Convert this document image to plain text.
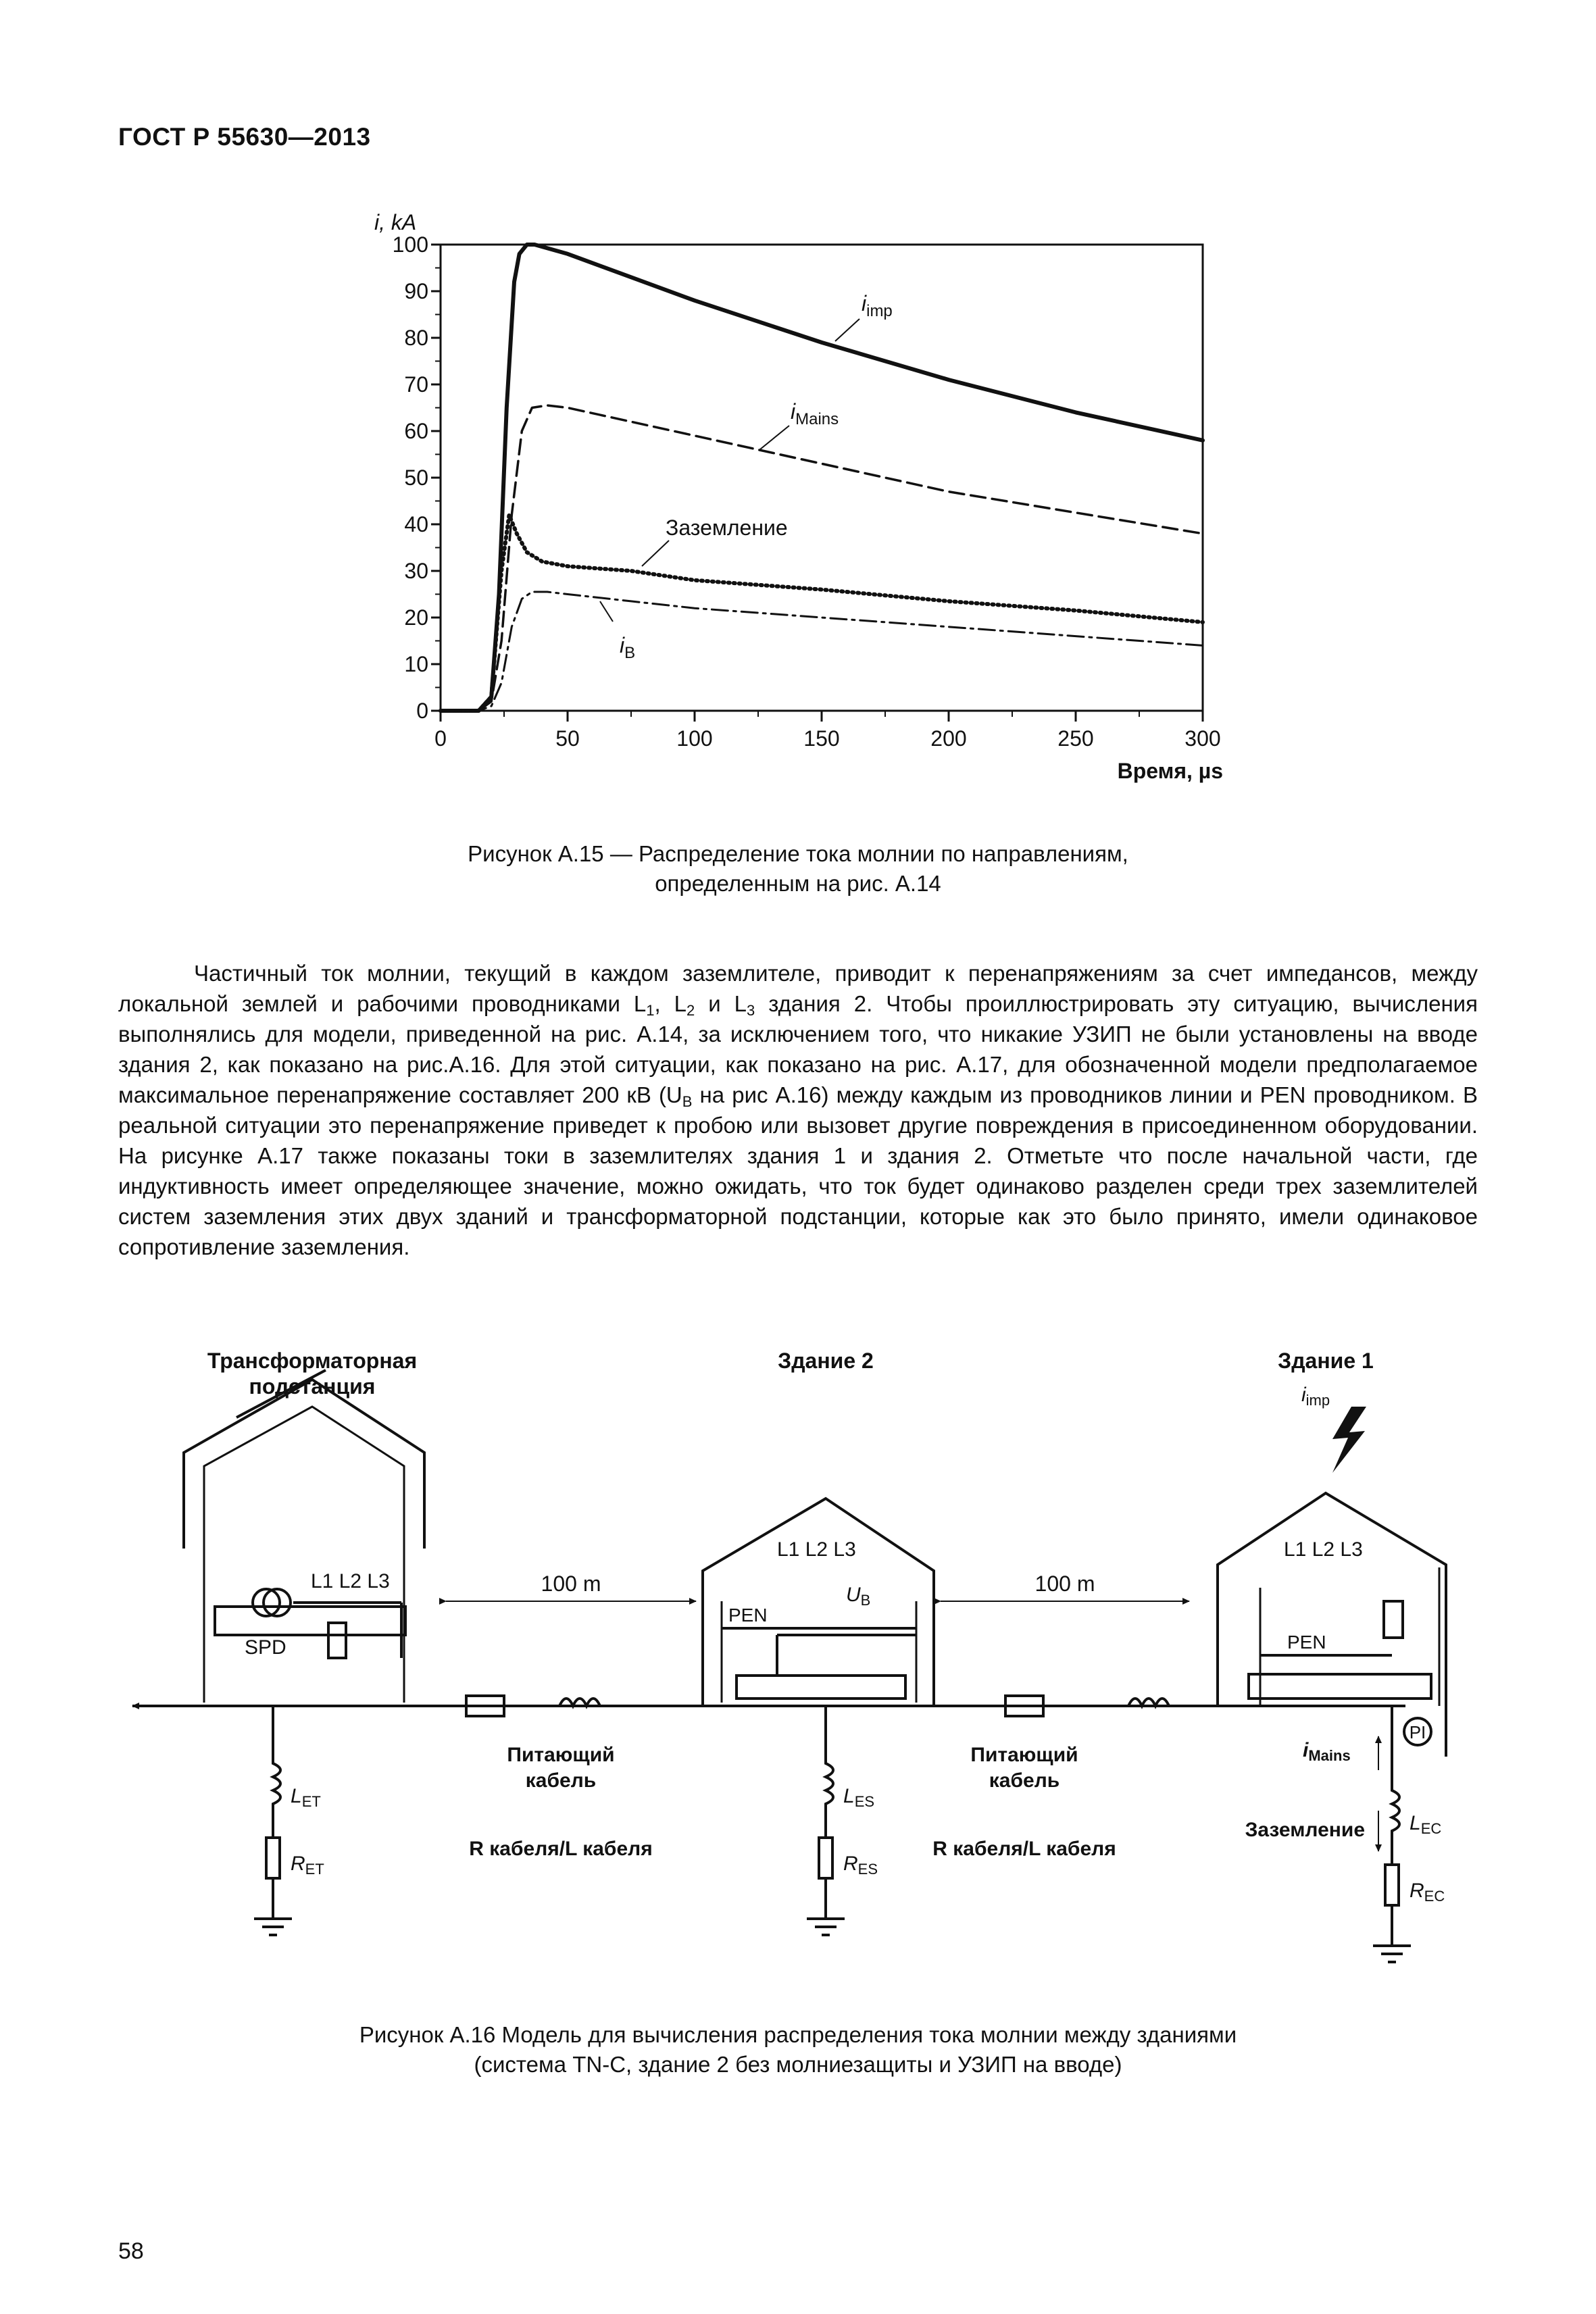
ГОСТ Р 55630—2013
0
10
20
30
40
50
60
70
80
90
100
0	50	100	150	200	250	300
i, kA
Время, µs
$i_{imp}$
$i_{Mains}$
Заземление
$i_B$
Рисунок А.15 — Распределение тока молнии по направлениям,
определенным на рис. А.14

Частичный ток молнии, текущий в каждом заземлителе, приводит к перенапряжениям за счет импедансов, между локальной землей и рабочими проводниками $L_1$, $L_2$ и $L_3$ здания 2. Чтобы проиллюстрировать эту ситуацию, вычисления выполнялись для модели, приведенной на рис. А.14, за исключением того, что никакие УЗИП не были установлены на вводе здания 2, как показано на рис.А.16. Для этой ситуации, как показано на рис. А.17, для обозначенной модели предполагаемое максимальное перенапряжение составляет 200 кВ ($U_B$ на рис А.16) между каждым из проводников линии и PEN проводником. В реальной ситуации это перенапряжение приведет к пробою или вызовет другие повреждения в присоединенном оборудовании. На рисунке А.17 также показаны токи в заземлителях здания 1 и здания 2. Отметьте что после начальной части, где индуктивность имеет определяющее значение, можно ожидать, что ток будет одинаково разделен среди трех заземлителей систем заземления этих двух зданий и трансформаторной подстанции, которые как это было принято, имели одинаковое сопротивление заземления.

Трансформаторная
подстанция
Здание 2	Здание 1
$i_{imp}$
L1 L2 L3
SPD
L1 L2 L3
PEN
$U_B$
L1 L2 L3
PEN
100 m	100 m
Питающий
кабель
R кабеля/L кабеля
Питающий
кабель
R кабеля/L кабеля
$L_{ET}$
$R_{ET}$
$L_{ES}$
$R_{ES}$
$L_{EC}$
$R_{EC}$
$i_{Mains}$
Заземление
PI
Рисунок А.16 Модель для вычисления распределения тока молнии между зданиями
(система TN-C, здание 2 без молниезащиты и УЗИП на вводе)
58
